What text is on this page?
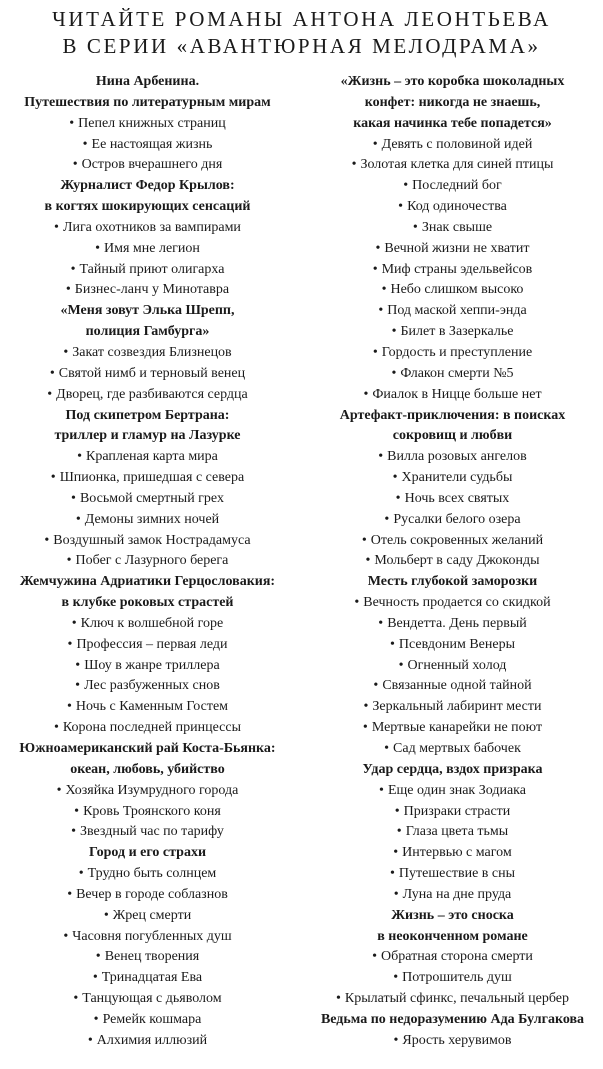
ЧИТАЙТЕ РОМАНЫ АНТОНА ЛЕОНТЬЕВА
В СЕРИИ «АВАНТЮРНАЯ МЕЛОДРАМА»
Нина Арбенина.
Путешествия по литературным мирам
• Пепел книжных страниц
• Ее настоящая жизнь
• Остров вчерашнего дня
Журналист Федор Крылов:
в когтях шокирующих сенсаций
• Лига охотников за вампирами
• Имя мне легион
• Тайный приют олигарха
• Бизнес-ланч у Минотавра
«Меня зовут Элька Шрепп,
полиция Гамбурга»
• Закат созвездия Близнецов
• Святой нимб и терновый венец
• Дворец, где разбиваются сердца
Под скипетром Бертрана:
триллер и гламур на Лазурке
• Крапленая карта мира
• Шпионка, пришедшая с севера
• Восьмой смертный грех
• Демоны зимних ночей
• Воздушный замок Нострадамуса
• Побег с Лазурного берега
Жемчужина Адриатики Герцословакия:
в клубке роковых страстей
• Ключ к волшебной горе
• Профессия – первая леди
• Шоу в жанре триллера
• Лес разбуженных снов
• Ночь с Каменным Гостем
• Корона последней принцессы
Южноамериканский рай Коста-Бьянка:
океан, любовь, убийство
• Хозяйка Изумрудного города
• Кровь Троянского коня
• Звездный час по тарифу
Город и его страхи
• Трудно быть солнцем
• Вечер в городе соблазнов
• Жрец смерти
• Часовня погубленных душ
• Венец творения
• Тринадцатая Ева
• Танцующая с дьяволом
• Ремейк кошмара
• Алхимия иллюзий
«Жизнь – это коробка шоколадных
конфет: никогда не знаешь,
какая начинка тебе попадется»
• Девять с половиной идей
• Золотая клетка для синей птицы
• Последний бог
• Код одиночества
• Знак свыше
• Вечной жизни не хватит
• Миф страны эдельвейсов
• Небо слишком высоко
• Под маской хеппи-энда
• Билет в Зазеркалье
• Гордость и преступление
• Флакон смерти №5
• Фиалок в Ницце больше нет
Артефакт-приключения: в поисках
сокровищ и любви
• Вилла розовых ангелов
• Хранители судьбы
• Ночь всех святых
• Русалки белого озера
• Отель сокровенных желаний
• Мольберт в саду Джоконды
Месть глубокой заморозки
• Вечность продается со скидкой
• Вендетта. День первый
• Псевдоним Венеры
• Огненный холод
• Связанные одной тайной
• Зеркальный лабиринт мести
• Мертвые канарейки не поют
• Сад мертвых бабочек
Удар сердца, вздох призрака
• Еще один знак Зодиака
• Призраки страсти
• Глаза цвета тьмы
• Интервью с магом
• Путешествие в сны
• Луна на дне пруда
Жизнь – это сноска
в неоконченном романе
• Обратная сторона смерти
• Потрошитель душ
• Крылатый сфинкс, печальный цербер
Ведьма по недоразумению Ада Булгакова
• Ярость херувимов
